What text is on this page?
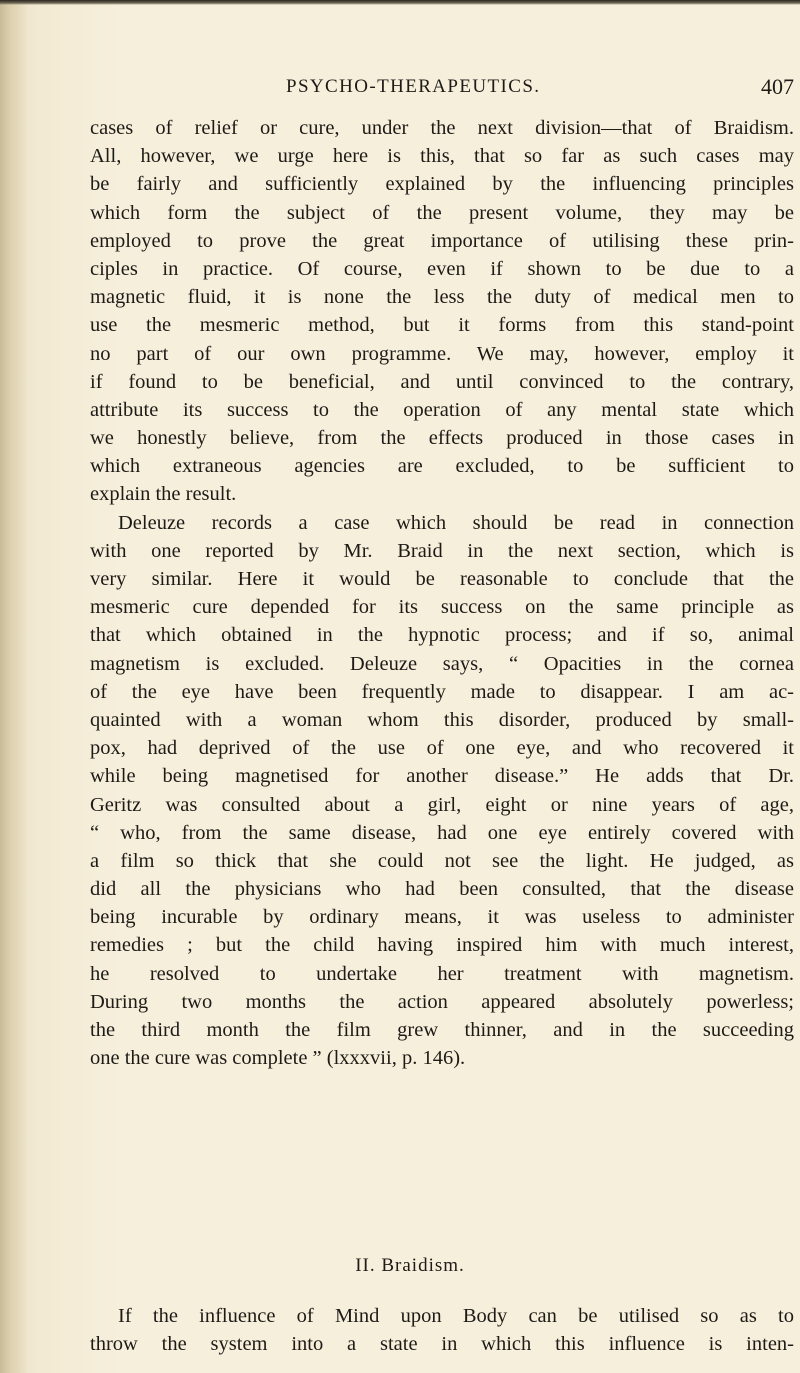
PSYCHO-THERAPEUTICS.	407
cases of relief or cure, under the next division—that of Braidism.
All, however, we urge here is this, that so far as such cases may
be fairly and sufficiently explained by the influencing principles
which form the subject of the present volume, they may be
employed to prove the great importance of utilising these prin-
ciples in practice. Of course, even if shown to be due to a
magnetic fluid, it is none the less the duty of medical men to
use the mesmeric method, but it forms from this stand-point
no part of our own programme. We may, however, employ it
if found to be beneficial, and until convinced to the contrary,
attribute its success to the operation of any mental state which
we honestly believe, from the effects produced in those cases in
which extraneous agencies are excluded, to be sufficient to
explain the result.
Deleuze records a case which should be read in connection
with one reported by Mr. Braid in the next section, which is
very similar. Here it would be reasonable to conclude that the
mesmeric cure depended for its success on the same principle as
that which obtained in the hypnotic process; and if so, animal
magnetism is excluded. Deleuze says, “ Opacities in the cornea
of the eye have been frequently made to disappear. I am ac-
quainted with a woman whom this disorder, produced by small-
pox, had deprived of the use of one eye, and who recovered it
while being magnetised for another disease.” He adds that Dr.
Geritz was consulted about a girl, eight or nine years of age,
“ who, from the same disease, had one eye entirely covered with
a film so thick that she could not see the light. He judged, as
did all the physicians who had been consulted, that the disease
being incurable by ordinary means, it was useless to administer
remedies ; but the child having inspired him with much interest,
he resolved to undertake her treatment with magnetism.
During two months the action appeared absolutely powerless;
the third month the film grew thinner, and in the succeeding
one the cure was complete ” (lxxxvii, p. 146).
II. Braidism.
If the influence of Mind upon Body can be utilised so as to
throw the system into a state in which this influence is inten-
